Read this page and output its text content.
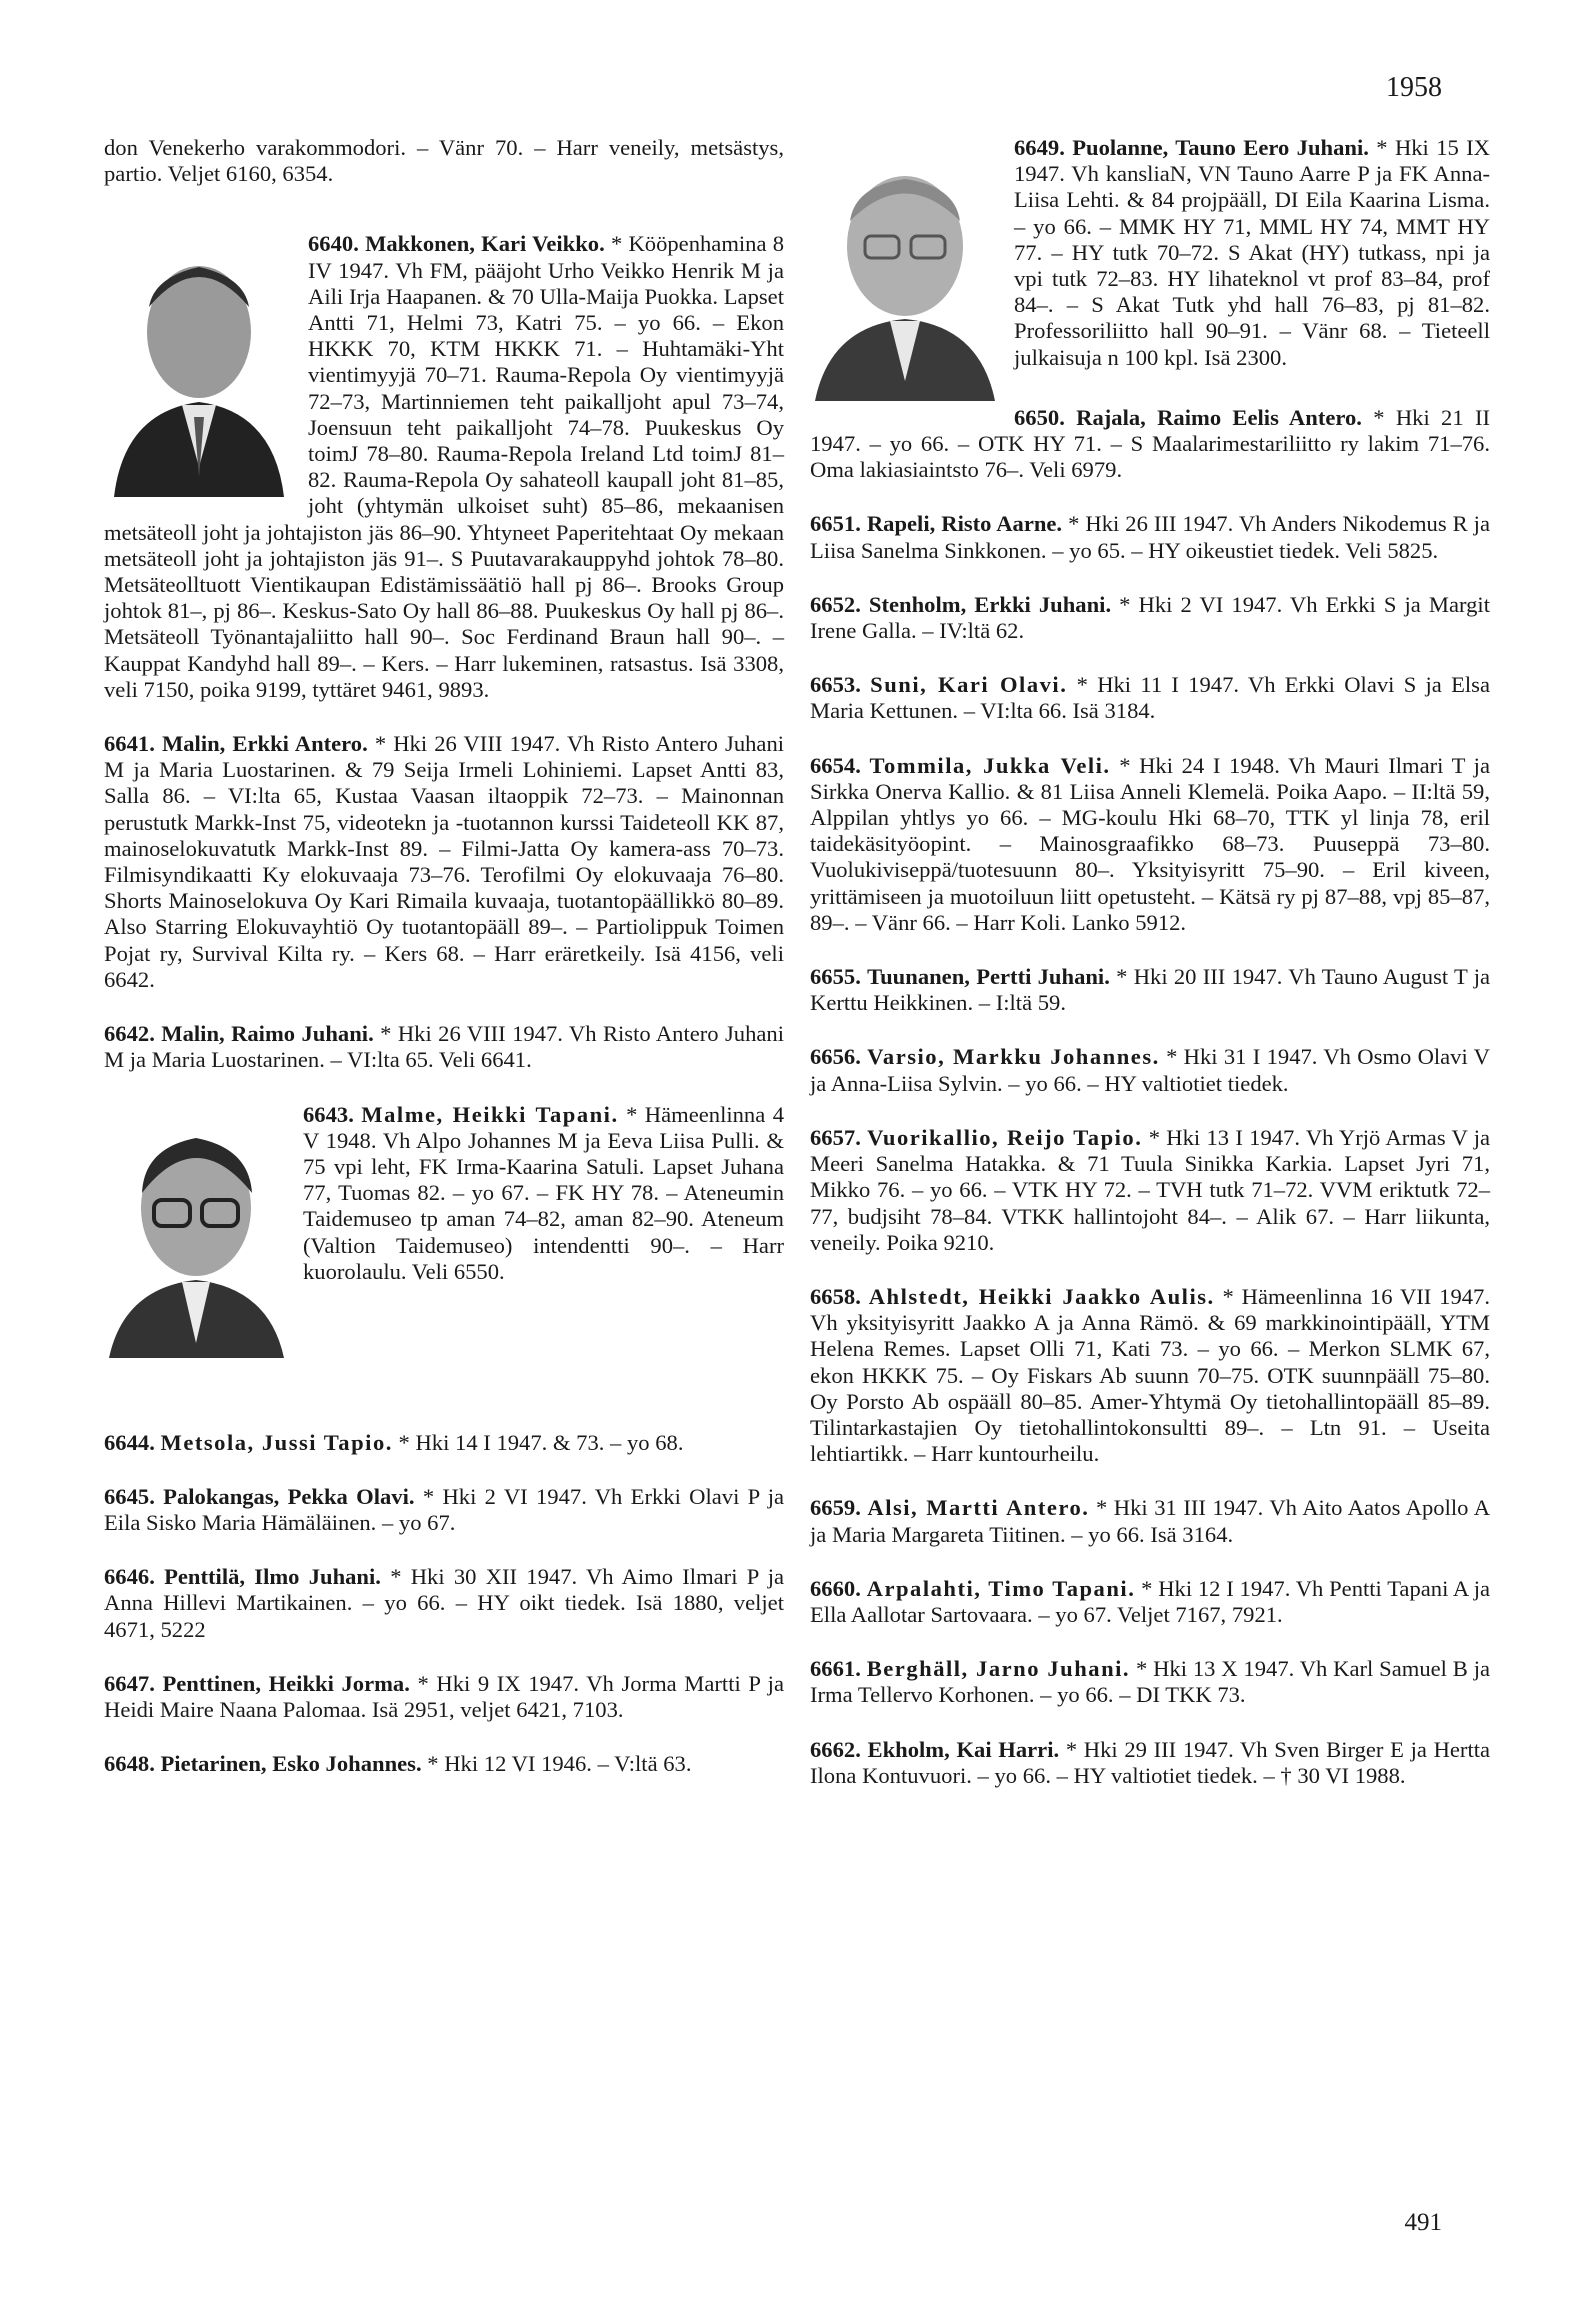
1958

don Venekerho varakommodori. – Vänr 70. – Harr veneily, metsästys, partio. Veljet 6160, 6354.

6640. Makkonen, Kari Veikko. * Kööpenhamina 8 IV 1947. Vh FM, pääjoht Urho Veikko Henrik M ja Aili Irja Haapanen. & 70 Ulla-Maija Puokka. Lapset Antti 71, Helmi 73, Katri 75. – yo 66. – Ekon HKKK 70, KTM HKKK 71. – Huhtamäki-Yht vientimyyjä 70–71. Rauma-Repola Oy vientimyyjä 72–73, Martinniemen teht paikalljoht apul 73–74, Joensuun teht paikalljoht 74–78. Puukeskus Oy toimJ 78–80. Rauma-Repola Ireland Ltd toimJ 81–82. Rauma-Repola Oy sahateoll kaupall joht 81–85, joht (yhtymän ulkoiset suht) 85–86, mekaanisen metsäteoll joht ja johtajiston jäs 86–90. Yhtyneet Paperitehtaat Oy mekaan metsäteoll joht ja johtajiston jäs 91–. S Puutavarakauppyhd johtok 78–80. Metsäteolltuott Vientikaupan Edistämissäätiö hall pj 86–. Brooks Group johtok 81–, pj 86–. Keskus-Sato Oy hall 86–88. Puukeskus Oy hall pj 86–. Metsäteoll Työnantajaliitto hall 90–. Soc Ferdinand Braun hall 90–. – Kauppat Kandyhd hall 89–. – Kers. – Harr lukeminen, ratsastus. Isä 3308, veli 7150, poika 9199, tyttäret 9461, 9893.

6641. Malin, Erkki Antero. * Hki 26 VIII 1947. Vh Risto Antero Juhani M ja Maria Luostarinen. & 79 Seija Irmeli Lohiniemi. Lapset Antti 83, Salla 86. – VI:lta 65, Kustaa Vaasan iltaoppik 72–73. – Mainonnan perustutk Markk-Inst 75, videotekn ja -tuotannon kurssi Taideteoll KK 87, mainoselokuvatutk Markk-Inst 89. – Filmi-Jatta Oy kamera-ass 70–73. Filmisyndikaatti Ky elokuvaaja 73–76. Terofilmi Oy elokuvaaja 76–80. Shorts Mainoselokuva Oy Kari Rimaila kuvaaja, tuotantopäällikkö 80–89. Also Starring Elokuvayhtiö Oy tuotantopääll 89–. – Partiolippuk Toimen Pojat ry, Survival Kilta ry. – Kers 68. – Harr eräretkeily. Isä 4156, veli 6642.

6642. Malin, Raimo Juhani. * Hki 26 VIII 1947. Vh Risto Antero Juhani M ja Maria Luostarinen. – VI:lta 65. Veli 6641.

6643. Malme, Heikki Tapani. * Hämeenlinna 4 V 1948. Vh Alpo Johannes M ja Eeva Liisa Pulli. & 75 vpi leht, FK Irma-Kaarina Satuli. Lapset Juhana 77, Tuomas 82. – yo 67. – FK HY 78. – Ateneumin Taidemuseo tp aman 74–82, aman 82–90. Ateneum (Valtion Taidemuseo) intendentti 90–. – Harr kuorolaulu. Veli 6550.

6644. Metsola, Jussi Tapio. * Hki 14 I 1947. & 73. – yo 68.

6645. Palokangas, Pekka Olavi. * Hki 2 VI 1947. Vh Erkki Olavi P ja Eila Sisko Maria Hämäläinen. – yo 67.

6646. Penttilä, Ilmo Juhani. * Hki 30 XII 1947. Vh Aimo Ilmari P ja Anna Hillevi Martikainen. – yo 66. – HY oikt tiedek. Isä 1880, veljet 4671, 5222

6647. Penttinen, Heikki Jorma. * Hki 9 IX 1947. Vh Jorma Martti P ja Heidi Maire Naana Palomaa. Isä 2951, veljet 6421, 7103.

6648. Pietarinen, Esko Johannes. * Hki 12 VI 1946. – V:ltä 63.

6649. Puolanne, Tauno Eero Juhani. * Hki 15 IX 1947. Vh kansliaN, VN Tauno Aarre P ja FK Anna-Liisa Lehti. & 84 projpääll, DI Eila Kaarina Lisma. – yo 66. – MMK HY 71, MML HY 74, MMT HY 77. – HY tutk 70–72. S Akat (HY) tutkass, npi ja vpi tutk 72–83. HY lihateknol vt prof 83–84, prof 84–. – S Akat Tutk yhd hall 76–83, pj 81–82. Professoriliitto hall 90–91. – Vänr 68. – Tieteell julkaisuja n 100 kpl. Isä 2300.

6650. Rajala, Raimo Eelis Antero. * Hki 21 II 1947. – yo 66. – OTK HY 71. – S Maalarimestariliitto ry lakim 71–76. Oma lakiasiaintsto 76–. Veli 6979.

6651. Rapeli, Risto Aarne. * Hki 26 III 1947. Vh Anders Nikodemus R ja Liisa Sanelma Sinkkonen. – yo 65. – HY oikeustiet tiedek. Veli 5825.

6652. Stenholm, Erkki Juhani. * Hki 2 VI 1947. Vh Erkki S ja Margit Irene Galla. – IV:ltä 62.

6653. Suni, Kari Olavi. * Hki 11 I 1947. Vh Erkki Olavi S ja Elsa Maria Kettunen. – VI:lta 66. Isä 3184.

6654. Tommila, Jukka Veli. * Hki 24 I 1948. Vh Mauri Ilmari T ja Sirkka Onerva Kallio. & 81 Liisa Anneli Klemelä. Poika Aapo. – II:ltä 59, Alppilan yhtlys yo 66. – MG-koulu Hki 68–70, TTK yl linja 78, eril taidekäsityöopint. – Mainosgraafikko 68–73. Puuseppä 73–80. Vuolukiviseppä/tuotesuunn 80–. Yksityisyritt 75–90. – Eril kiveen, yrittämiseen ja muotoiluun liitt opetusteht. – Kätsä ry pj 87–88, vpj 85–87, 89–. – Vänr 66. – Harr Koli. Lanko 5912.

6655. Tuunanen, Pertti Juhani. * Hki 20 III 1947. Vh Tauno August T ja Kerttu Heikkinen. – I:ltä 59.

6656. Varsio, Markku Johannes. * Hki 31 I 1947. Vh Osmo Olavi V ja Anna-Liisa Sylvin. – yo 66. – HY valtiotiet tiedek.

6657. Vuorikallio, Reijo Tapio. * Hki 13 I 1947. Vh Yrjö Armas V ja Meeri Sanelma Hatakka. & 71 Tuula Sinikka Karkia. Lapset Jyri 71, Mikko 76. – yo 66. – VTK HY 72. – TVH tutk 71–72. VVM eriktutk 72–77, budjsiht 78–84. VTKK hallintojoht 84–. – Alik 67. – Harr liikunta, veneily. Poika 9210.

6658. Ahlstedt, Heikki Jaakko Aulis. * Hämeenlinna 16 VII 1947. Vh yksityisyritt Jaakko A ja Anna Rämö. & 69 markkinointipääll, YTM Helena Remes. Lapset Olli 71, Kati 73. – yo 66. – Merkon SLMK 67, ekon HKKK 75. – Oy Fiskars Ab suunn 70–75. OTK suunnpääll 75–80. Oy Porsto Ab ospääll 80–85. Amer-Yhtymä Oy tietohallintopääll 85–89. Tilintarkastajien Oy tietohallintokonsultti 89–. – Ltn 91. – Useita lehtiartikk. – Harr kuntourheilu.

6659. Alsi, Martti Antero. * Hki 31 III 1947. Vh Aito Aatos Apollo A ja Maria Margareta Tiitinen. – yo 66. Isä 3164.

6660. Arpalahti, Timo Tapani. * Hki 12 I 1947. Vh Pentti Tapani A ja Ella Aallotar Sartovaara. – yo 67. Veljet 7167, 7921.

6661. Berghäll, Jarno Juhani. * Hki 13 X 1947. Vh Karl Samuel B ja Irma Tellervo Korhonen. – yo 66. – DI TKK 73.

6662. Ekholm, Kai Harri. * Hki 29 III 1947. Vh Sven Birger E ja Hertta Ilona Kontuvuori. – yo 66. – HY valtiotiet tiedek. – † 30 VI 1988.

491
